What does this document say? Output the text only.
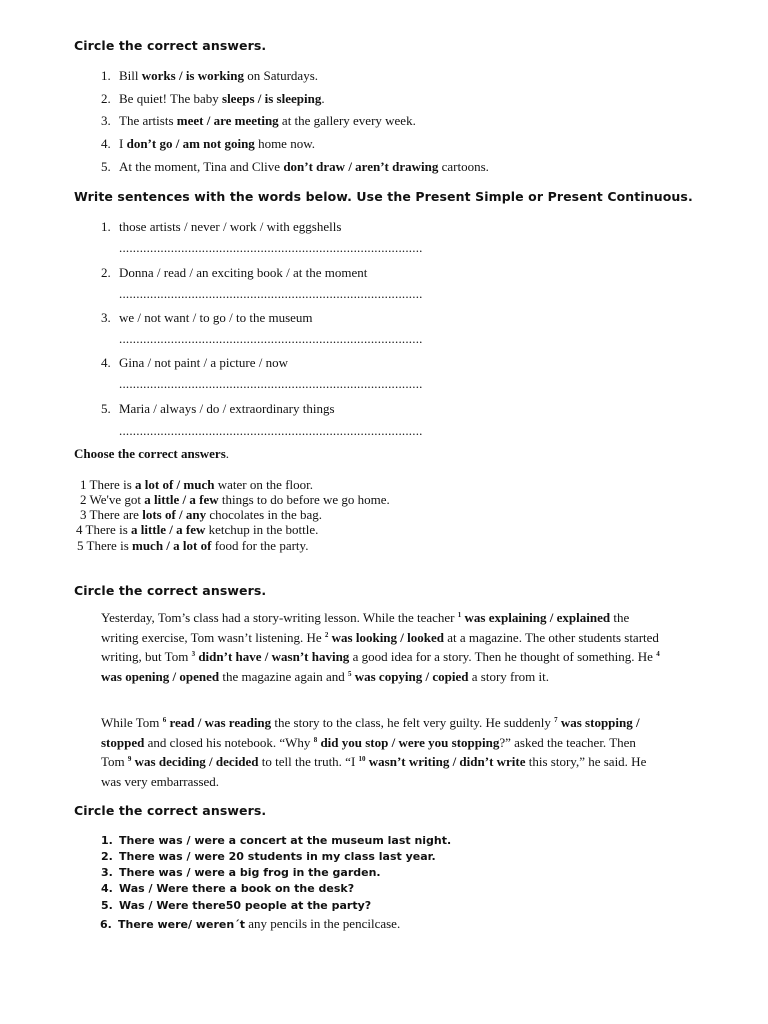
Circle the correct answers.
1. Bill works / is working on Saturdays.
2. Be quiet! The baby sleeps / is sleeping.
3. The artists meet / are meeting at the gallery every week.
4. I don’t go / am not going home now.
5. At the moment, Tina and Clive don’t draw / aren’t drawing cartoons.
Write sentences with the words below. Use the Present Simple or Present Continuous.
1. those artists / never / work / with eggshells
........................................................................................
2. Donna / read / an exciting book / at the moment
........................................................................................
3. we / not want / to go / to the museum
........................................................................................
4. Gina / not paint / a picture / now
........................................................................................
5. Maria / always / do / extraordinary things
........................................................................................
Choose the correct answers.
1 There is a lot of / much water on the floor.
2 We've got a little / a few things to do before we go home.
3 There are lots of / any chocolates in the bag.
4 There is a little / a few ketchup in the bottle.
5 There is much / a lot of food for the party.
Circle the correct answers.
Yesterday, Tom’s class had a story-writing lesson. While the teacher $^1$ was explaining / explained the writing exercise, Tom wasn’t listening. He $^2$ was looking / looked at a magazine. The other students started writing, but Tom $^3$ didn’t have / wasn’t having a good idea for a story. Then he thought of something. He $^4$ was opening / opened the magazine again and $^5$ was copying / copied a story from it.
While Tom $^6$ read / was reading the story to the class, he felt very guilty. He suddenly $^7$ was stopping / stopped and closed his notebook. “Why $^8$ did you stop / were you stopping?” asked the teacher. Then Tom $^9$ was deciding / decided to tell the truth. “I $^{10}$ wasn’t writing / didn’t write this story,” he said. He was very embarrassed.
Circle the correct answers.
1. There was / were a concert at the museum last night.
2. There was / were 20 students in my class last year.
3. There was / were a big frog in the garden.
4. Was / Were there a book on the desk?
5. Was / Were there50 people at the party?
6. There were/ weren´t any pencils in the pencilcase.
